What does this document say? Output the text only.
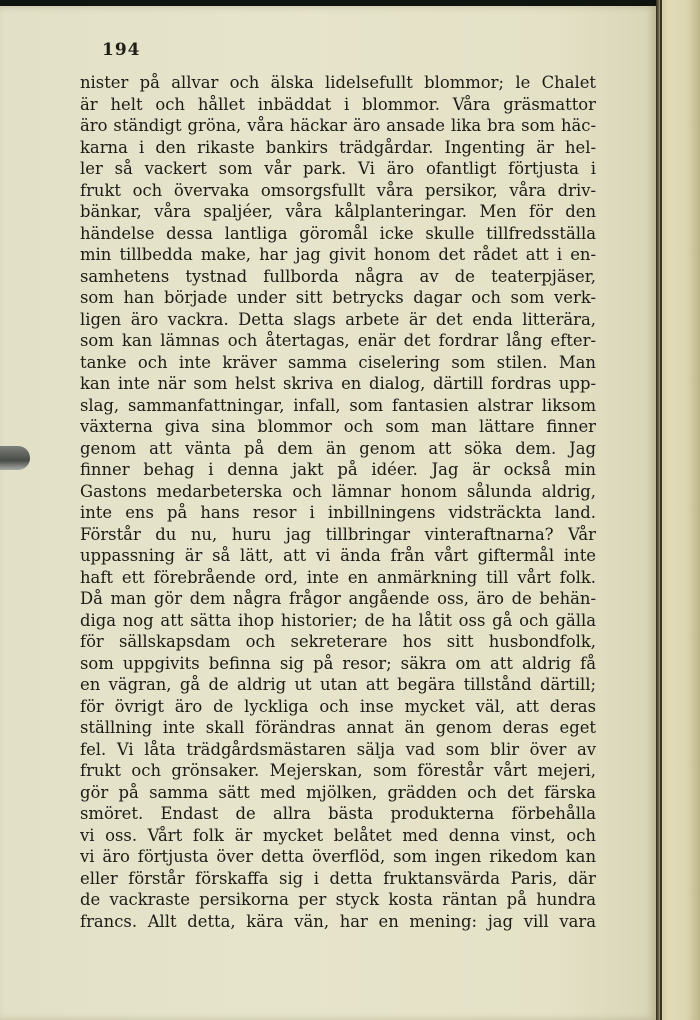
194
nister på allvar och älska lidelsefullt blommor; le Chalet
är helt och hållet inbäddat i blommor. Våra gräsmattor
äro ständigt gröna, våra häckar äro ansade lika bra som häc-
karna i den rikaste bankirs trädgårdar. Ingenting är hel-
ler så vackert som vår park. Vi äro ofantligt förtjusta i
frukt och övervaka omsorgsfullt våra persikor, våra driv-
bänkar, våra spaljéer, våra kålplanteringar. Men för den
händelse dessa lantliga göromål icke skulle tillfredsställa
min tillbedda make, har jag givit honom det rådet att i en-
samhetens tystnad fullborda några av de teaterpjäser,
som han började under sitt betrycks dagar och som verk-
ligen äro vackra. Detta slags arbete är det enda litterära,
som kan lämnas och återtagas, enär det fordrar lång efter-
tanke och inte kräver samma ciselering som stilen. Man
kan inte när som helst skriva en dialog, därtill fordras upp-
slag, sammanfattningar, infall, som fantasien alstrar liksom
växterna giva sina blommor och som man lättare finner
genom att vänta på dem än genom att söka dem. Jag
finner behag i denna jakt på idéer. Jag är också min
Gastons medarbeterska och lämnar honom sålunda aldrig,
inte ens på hans resor i inbillningens vidsträckta land.
Förstår du nu, huru jag tillbringar vinteraftnarna? Vår
uppassning är så lätt, att vi ända från vårt giftermål inte
haft ett förebrående ord, inte en anmärkning till vårt folk.
Då man gör dem några frågor angående oss, äro de behän-
diga nog att sätta ihop historier; de ha låtit oss gå och gälla
för sällskapsdam och sekreterare hos sitt husbondfolk,
som uppgivits befinna sig på resor; säkra om att aldrig få
en vägran, gå de aldrig ut utan att begära tillstånd därtill;
för övrigt äro de lyckliga och inse mycket väl, att deras
ställning inte skall förändras annat än genom deras eget
fel. Vi låta trädgårdsmästaren sälja vad som blir över av
frukt och grönsaker. Mejerskan, som förestår vårt mejeri,
gör på samma sätt med mjölken, grädden och det färska
smöret. Endast de allra bästa produkterna förbehålla
vi oss. Vårt folk är mycket belåtet med denna vinst, och
vi äro förtjusta över detta överflöd, som ingen rikedom kan
eller förstår förskaffa sig i detta fruktansvärda Paris, där
de vackraste persikorna per styck kosta räntan på hundra
francs. Allt detta, kära vän, har en mening: jag vill vara
